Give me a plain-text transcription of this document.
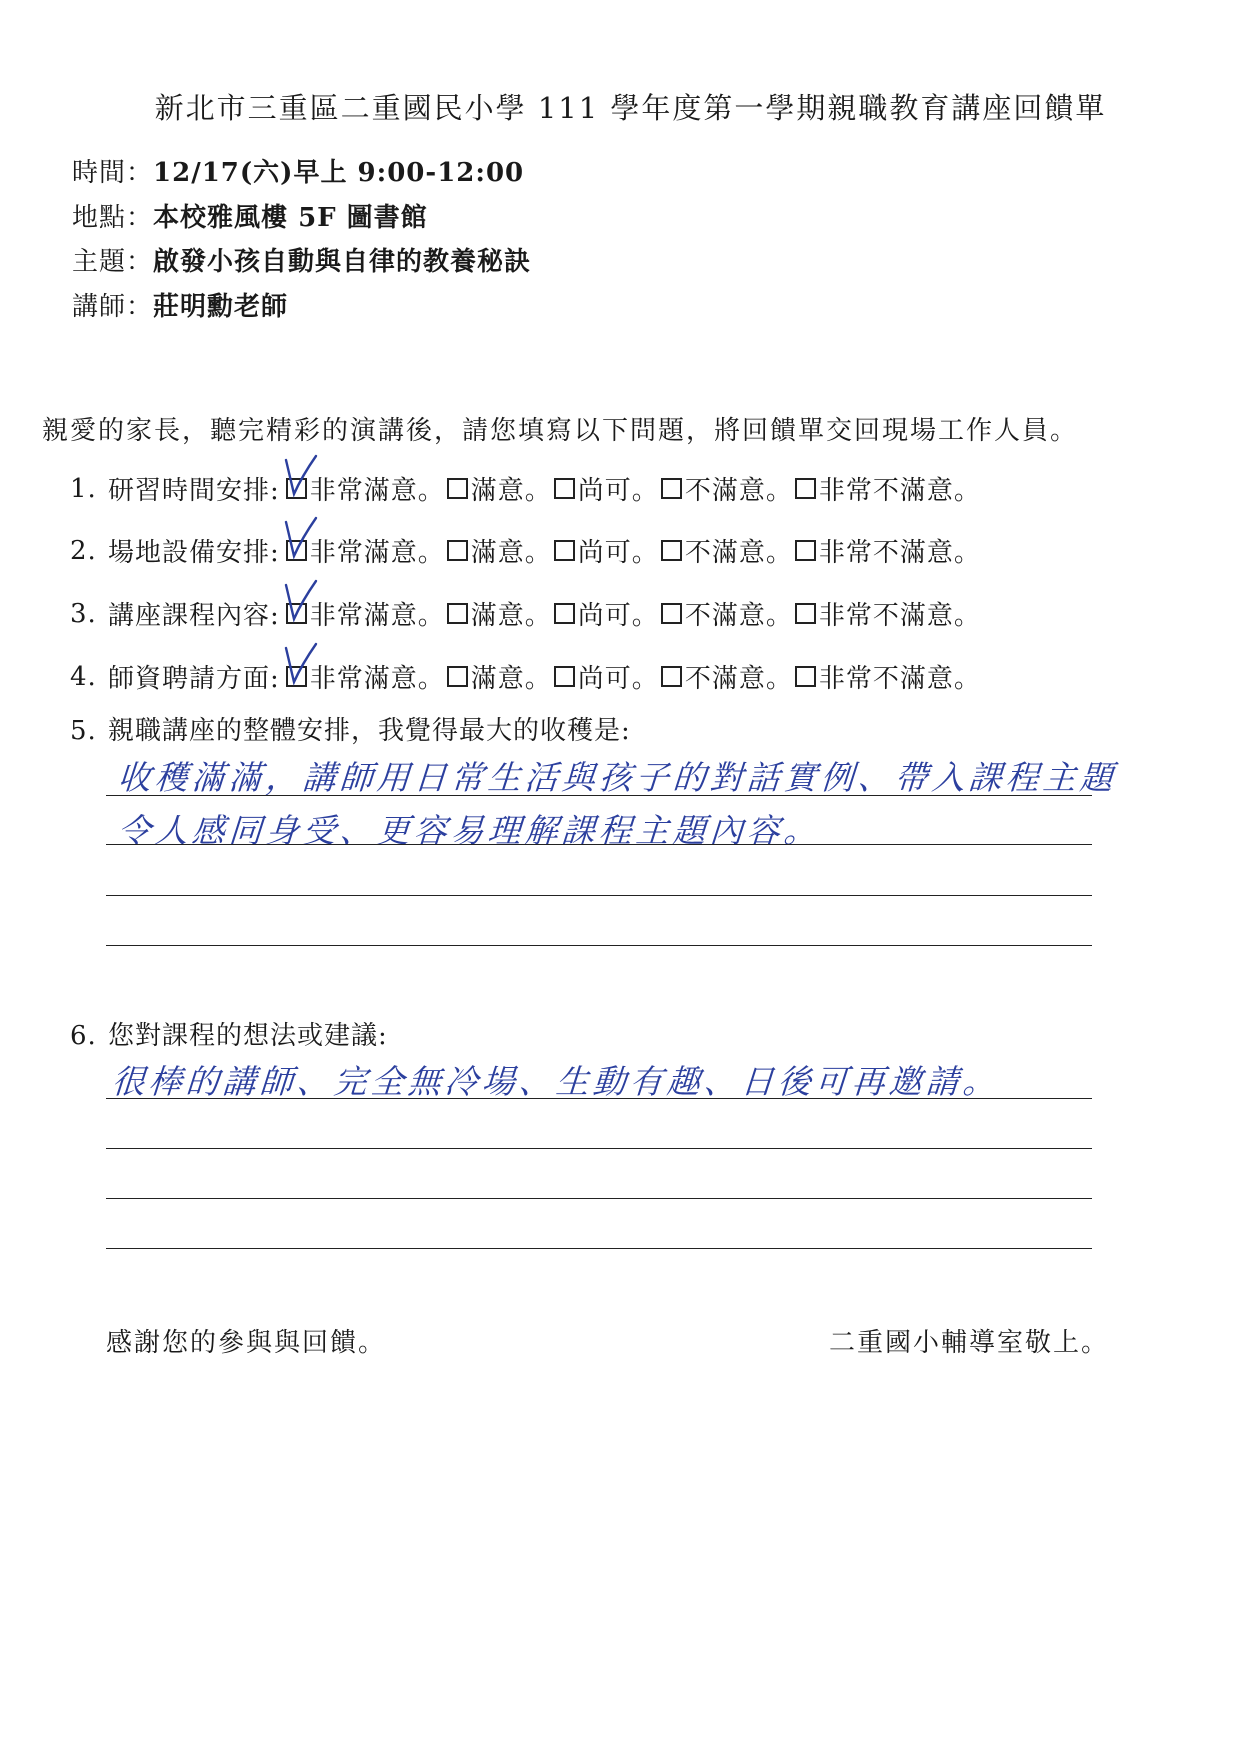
新北市三重區二重國民小學 111 學年度第一學期親職教育講座回饋單
時間：12/17(六)早上 9:00-12:00
地點：本校雅風樓 5F 圖書館
主題：啟發小孩自動與自律的教養秘訣
講師：莊明勳老師
親愛的家長，聽完精彩的演講後，請您填寫以下問題，將回饋單交回現場工作人員。
1. 研習時間安排: 非常滿意。 滿意。 尚可。 不滿意。 非常不滿意。
2. 場地設備安排: 非常滿意。 滿意。 尚可。 不滿意。 非常不滿意。
3. 講座課程內容: 非常滿意。 滿意。 尚可。 不滿意。 非常不滿意。
4. 師資聘請方面: 非常滿意。 滿意。 尚可。 不滿意。 非常不滿意。
5. 親職講座的整體安排，我覺得最大的收穫是:
收穫滿滿，講師用日常生活與孩子的對話實例、帶入課程主題
令人感同身受、更容易理解課程主題內容。
6. 您對課程的想法或建議:
很棒的講師、完全無冷場、生動有趣、日後可再邀請。
感謝您的參與與回饋。	二重國小輔導室敬上。
